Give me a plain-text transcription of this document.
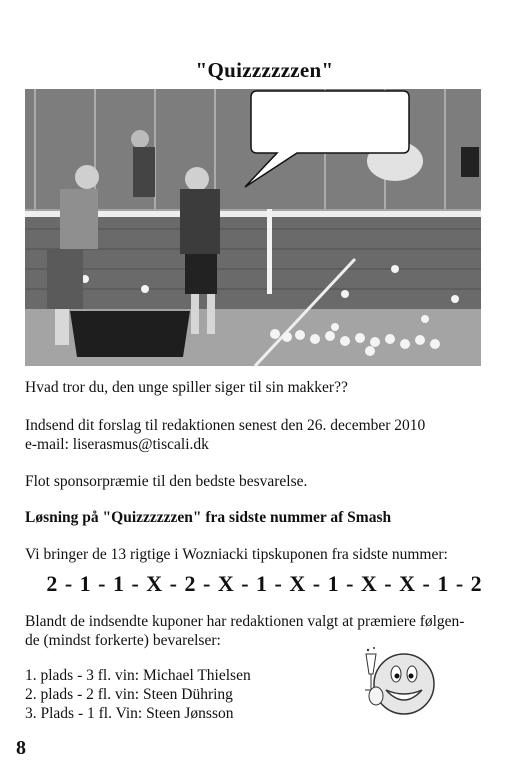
"Quizzzzzzen"
Hvad tror du, den unge spiller siger til sin makker??
Indsend dit forslag til redaktionen senest den 26. december 2010
e-mail: liserasmus@tiscali.dk
Flot sponsorpræmie til den bedste besvarelse.
Løsning på "Quizzzzzzen" fra sidste nummer af Smash
Vi bringer de 13 rigtige i Wozniacki tipskuponen fra sidste nummer:
2 - 1 - 1 - X - 2 - X - 1 - X - 1 - X - X - 1 - 2
Blandt de indsendte kuponer har redaktionen valgt at præmiere følgen-
de (mindst forkerte) bevarelser:
1. plads - 3 fl. vin: Michael Thielsen
2. plads - 2 fl. vin: Steen Dühring
3. Plads - 1 fl. Vin: Steen Jønsson
8
